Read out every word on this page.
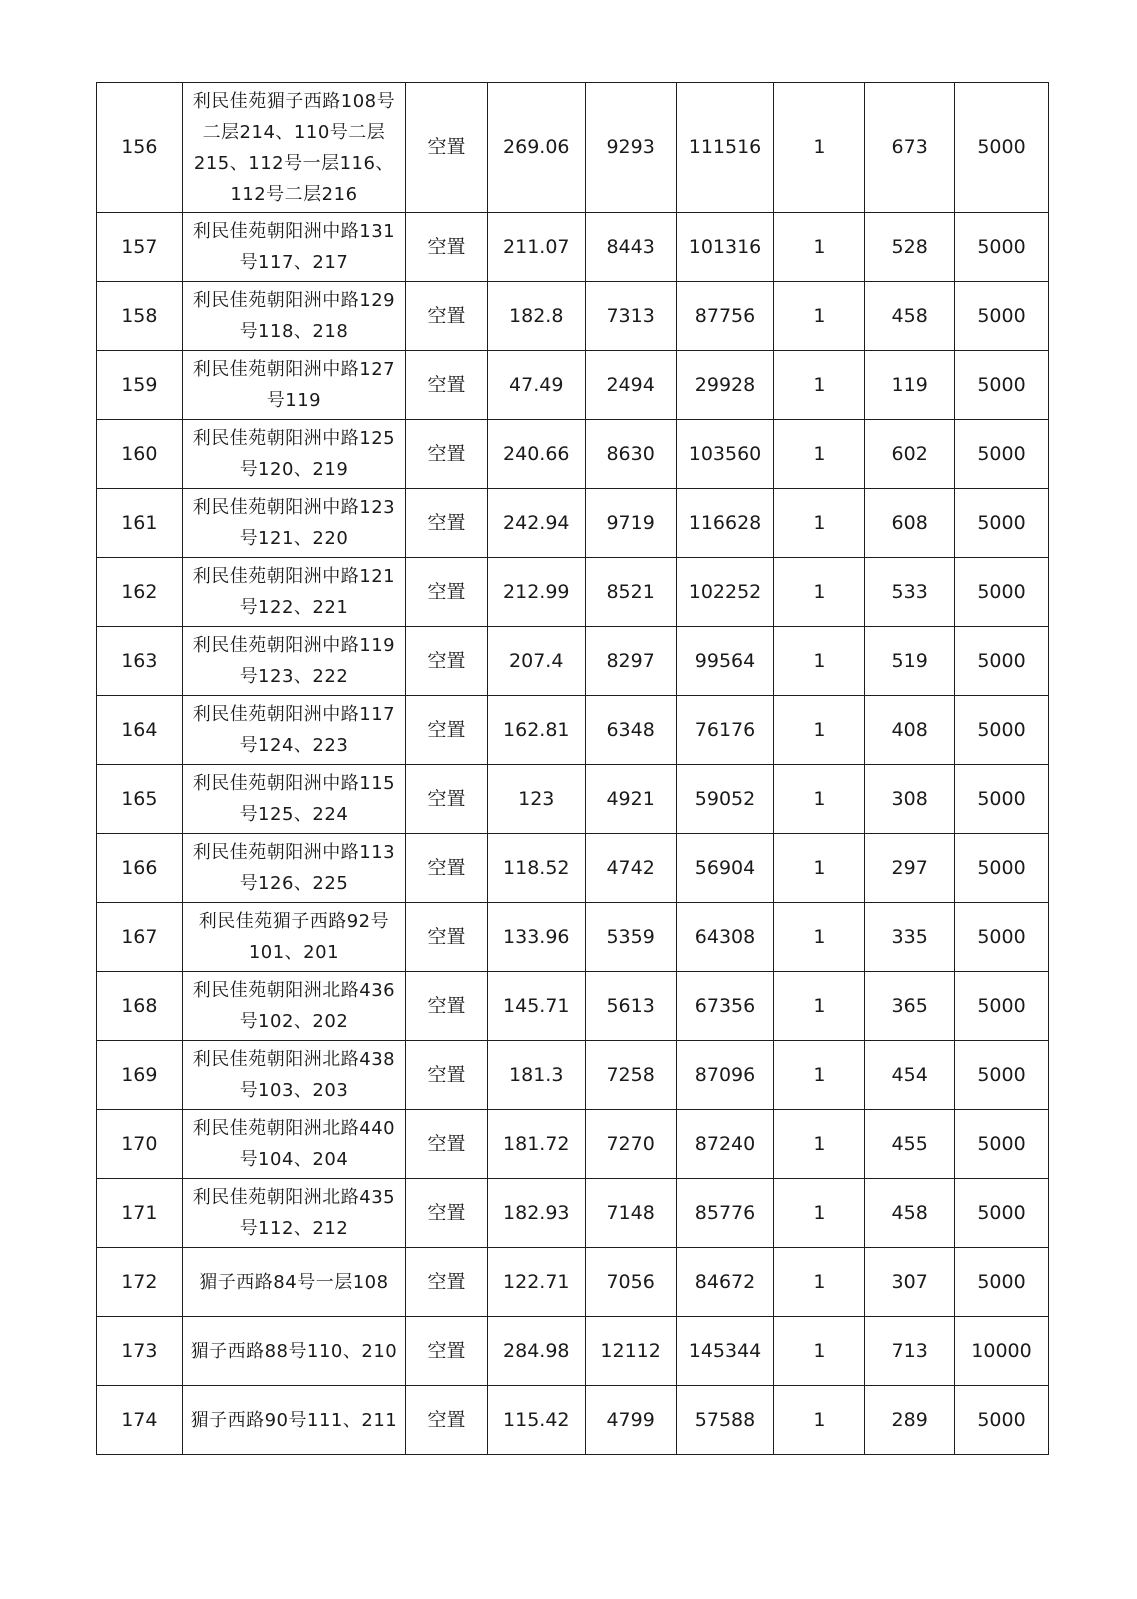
156	利民佳苑猸子西路108号二层214、110号二层215、112号一层116、112号二层216	空置	269.06	9293	111516	1	673	5000
157	利民佳苑朝阳洲中路131号117、217	空置	211.07	8443	101316	1	528	5000
158	利民佳苑朝阳洲中路129号118、218	空置	182.8	7313	87756	1	458	5000
159	利民佳苑朝阳洲中路127号119	空置	47.49	2494	29928	1	119	5000
160	利民佳苑朝阳洲中路125号120、219	空置	240.66	8630	103560	1	602	5000
161	利民佳苑朝阳洲中路123号121、220	空置	242.94	9719	116628	1	608	5000
162	利民佳苑朝阳洲中路121号122、221	空置	212.99	8521	102252	1	533	5000
163	利民佳苑朝阳洲中路119号123、222	空置	207.4	8297	99564	1	519	5000
164	利民佳苑朝阳洲中路117号124、223	空置	162.81	6348	76176	1	408	5000
165	利民佳苑朝阳洲中路115号125、224	空置	123	4921	59052	1	308	5000
166	利民佳苑朝阳洲中路113号126、225	空置	118.52	4742	56904	1	297	5000
167	利民佳苑猸子西路92号101、201	空置	133.96	5359	64308	1	335	5000
168	利民佳苑朝阳洲北路436号102、202	空置	145.71	5613	67356	1	365	5000
169	利民佳苑朝阳洲北路438号103、203	空置	181.3	7258	87096	1	454	5000
170	利民佳苑朝阳洲北路440号104、204	空置	181.72	7270	87240	1	455	5000
171	利民佳苑朝阳洲北路435号112、212	空置	182.93	7148	85776	1	458	5000
172	猸子西路84号一层108	空置	122.71	7056	84672	1	307	5000
173	猸子西路88号110、210	空置	284.98	12112	145344	1	713	10000
174	猸子西路90号111、211	空置	115.42	4799	57588	1	289	5000
